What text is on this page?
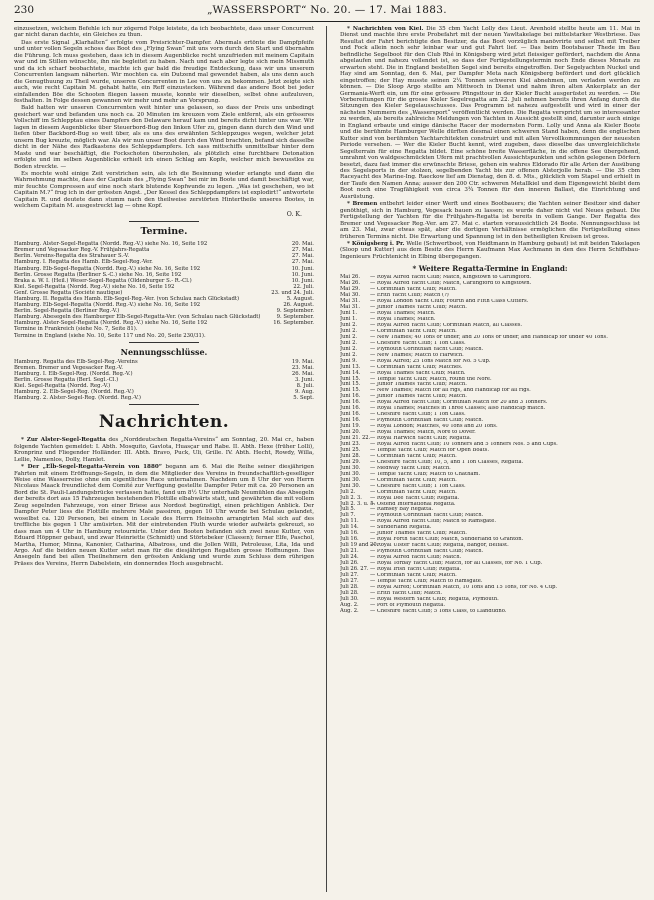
230	„WASSERSPORT“ No. 20. — 17. Mai 1883.

einzusetzen, welchem Befehle ich nur zögernd Folge leistete, da ich beobachtete, dass unser Concurrent gar nicht daran dachte, ein Gleiches zu thun.

Das erste Signal „Klarhalten“ erfolgte vom Preisrichter-Dampfer. Abermals ertönte die Dampfpfeife und unter vollen Segeln schoss das Boot des „Flying Swan“ mit uns vorn durch den Start und übernahm die Führung. Ich muss gestehen, dass ich in diesem Augenblicke recht unzufrieden mit meinem Capitain war und im Stillen wünschte, ihn nie begleitet zu haben. Nach und nach aber legte sich mein Missmuth und da ich scharf beobachtete, machte ich gar bald die freudige Entdeckung, dass wir uns unserem Concurrenten langsam näherten. Wir mochten ca. ein Dutzend mal gewendet haben, als uns denn auch die Genugthuung zu Theil wurde, unseren Concurrenten in Lee von uns zu bekommen. Jetzt zeigte sich auch, wie recht Capitain M. gehabt hatte, ein Reff einzustecken. Während das andere Boot bei jeder einfallenden Böe die Schooten fliegen lassen musste, konnte wir dieselben, selbst ohne aufzuluven, festhalten. In Folge dessen gewannen wir mehr und mehr an Vorsprung.

Bald hatten wir unseren Concurrenten weit hinter uns gelassen, so dass der Preis uns unbedingt gesichert war und befanden uns noch ca. 20 Minuten im kreuzen vom Ziele entfernt, als ein grösseres Vollschiff im Schlepptau eines Dampfers den Delaware herauf kam und bereits dicht hinter uns war. Wir lagen in diesem Augenblicke über Steuerbord-Bug den linken Ufer zu, gingen dann durch den Wind und liefen über Backbord-Bug so weit über, als es uns des erwähnten Schleppzuges wegen, welcher jetzt unsern Bug kreuzte, möglich war. Als wir nun unser Boot durch den Wind brachten, befand sich dasselbe dicht in der Nähe des Radkastens des Schleppdampfers. Ich sass mittschiffs unmittelbar hinter dem Maste und war beschäftigt, die Fockschoten überzuholen, als plötzlich eine furchtbare Detonation erfolgte und im selben Augenblicke erhielt ich einen Schlag am Kopfe, welcher mich bewusstlos zu Boden streckte. —

Es mochte wohl einige Zeit verstrichen sein, als ich die Besinnung wieder erlangte und dann die Wahrnehmung machte, dass der Capitain des „Flying Swan“ bei mir im Boote und damit beschäftigt war, mir feuchte Compressen auf eine noch stark blutende Kopfwunde zu legen. „Was ist geschehen, wo ist Capitain M.?“ frug ich in der grössten Angst. „Der Kessel des Schleppdampfers ist explodirt!“ antwortete Capitain R. und deutete dann stumm nach den theilweise zerstörten Hintertheile unseres Bootes, in welchem Capitain M. ausgestreckt lag — ohne Kopf.

O. K.
Termine.
Hamburg. Alster-Segel-Regatta (Nordd. Reg.-V.) siehe No. 16, Seite 192	20. Mai.
Bremer und Vegesacker Reg.-V. Frühjahrs-Regatta	27. Mai.
Berlin. Vereins-Regatta des Strahauer S.-V.	27. Mai.
Hamburg. I. Regatta des Hamb. Elb-Segel-Reg.-Ver.	27. Mai.
Hamburg. Elb-Segel-Regatta (Nordd. Reg.-V.) siehe No. 16, Seite 192	10. Juni.
Berlin. Grosse Regatta (Berliner S.-C.) siehe No. 16, Seite 192	10. Juni.
Braka a. W. I. (Heil.) Weser-Segel-Regatta (Oldenburger S.- R.-Cl.)	10. Juni.
Kiel. Segel-Regatta (Nordd. Reg.-V.) siehe No. 16, Seite 192	22. Juli.
Genf. Grosse Regatta (Société nautique)	23. und 24. Juli.
Hamburg. II. Regatta des Hamb. Elb-Segel-Reg.-Ver. (von Schulau nach Glückstadt)	5. August.
Hamburg. Elb-Segel-Regatta (Nordd. Reg.-V.) siehe No. 16, Seite 192	26. August.
Berlin. Segel-Regatta (Berliner Reg.-V.)	9. September.
Hamburg. Abesegeln des Hamburger Elb-Segel-Regatta-Ver. (von Schulau nach Glückstadt)	9. September.
Hamburg. Alster-Segel-Regatta (Nordd. Reg.-V.) siehe No. 16, Seite 192	16. September.
Termine in Frankreich (siehe No. 7, Seite 81).
Termine in England (siehe No. 10, Seite 117 und No. 20, Seite 230/31).
Nennungsschlüsse.
Hamburg. Regatta des Elb-Segel-Reg.-Vereins	19. Mai.
Bremen. Bremer und Vegesacker Reg.-V.	23. Mai.
Hamburg. I. Elb-Segel-Reg. (Nordd. Reg.-V.)	26. Mai.
Berlin. Grosse Regatta (Berl. Segl.-Cl.)	3. Juni.
Kiel. Segel-Regatta (Nordd. Reg.-V.)	8. Juli.
Hamburg. 2. Elb-Segel-Reg. (Nordd. Reg.-V.)	9. Aug.
Hamburg. 2. Alster-Segel-Reg. (Nordd. Reg.-V.)	5. Sept.
Nachrichten.

* Zur Alster-Segel-Regatta des „Norddeutschen Regatta-Vereins“ am Sonntag, 20. Mai cr., haben folgende Yachten gemeldet: I. Abth. Mosquito, Gavlota, Huasçar und Rabe. II. Abth. Hexe (früher Lolli), Kronprinz und Fliegender Holländer. III. Abth. Bravo, Puck, Uli, Grille. IV. Abth. Hecht, Rowdy, Willa, Lellie, Namenlos, Dolly, Hamlet.

* Der „Elb-Segel-Regatta-Verein von 1880“ begann am 6. Mai die Reihe seiner diesjährigen Fahrten mit einem Eröffnungs-Segeln, in dem die Mitglieder des Vereins in freundschaftlich-geselliger Weise eine Wasserreise ohne ein eigentliches Race unternahmen. Nachdem um 8 Uhr der von Herrn Nicolaus Maack freundlichst dem Comité zur Verfügung gestellte Dampfer Peter mit ca. 20 Personen an Bord die St. Pauli-Landungsbrücke verlassen hatte, fand um 8½ Uhr unterhalb Neumühlen das Absegeln der bereits dort aus 15 Fahrzeugen bestehenden Flottille elbabwärts statt, und gewährten die mit vollem Zeug segelnden Fahrzeuge, von einer Briese aus Nordost begünstigt, einen prächtigen Anblick. Der Dampfer Peter liess die Flottille mehrere Male passiren, gegen 10 Uhr wurde bei Schulau gelandet, woselbst ca. 120 Personen, bei einem in Locale des Herrn Heinsohn arrangirten Mal sich auf des treffliche bis gegen 1 Uhr amüsirten. Mit der eintretenden Fluth wurde wieder aufwärts gekreuzt, so dass man um 4 Uhr in Hamburg retournirte. Unter den Booten befanden sich zwei neue Kutter, von Eduard Höppner gebaut, und zwar Heinriette (Schmidt) und Störtebeker (Classen); ferner Elfe, Paschol, Martha, Humor, Minna, Kanonier, Catharina, Albatross, und die Jollen Willi, Petroleuse, Lita, Ida und Argo. Auf die beiden neuen Kutter setzt man für die diesjährigen Regatten grosse Hoffnungen. Das Ansegeln fand bei allen Theilnehmern den grössten Anklang und wurde zum Schluss dem rührigen Präses des Vereins, Herrn Dabelstein, ein donnerndes Hoch ausgebracht.

* Nachrichten von Kiel. Die 35 cbm Yacht Lolly des Lieut. Arenhold stellte heute am 11. Mai in Dienst und machte ihre erste Probefahrt mit der neuen Yawltakelage bei mittelstarker Westbriese. Das Resultat der Fahrt berichtigte den Besitzer, da das Boot vorzüglich manövrirte und selbst mit Treiber und Fock allein noch sehr leinbar war und gut Fahrt lief. — Das beim Bootsbauer Thede im Bau befindliche Segelboot für den Club Rhé in Königsberg wird jetzt fleissiger gefördert, nachdem die Anna abgelaufen und nahezu vollendet ist, so dass der Fertigstellungstermin noch Ende dieses Monats zu erwarten steht. Die in England bestellten Segel sind bereits eingetroffen. Der Segelyachten Nuckel und Hay sind am Sonntag, den 6. Mai, per Dampfer Meta nach Königsberg befördert und dort glücklich eingetroffen; der Hay musste seinen 2¼ Tonnen schweren Kiel abnehmen, um verladen werden zu können. — Die Sloop Argo stellte am Mittwoch in Dienst und nahm ihren alten Ankerplatz an der Germania-Werft ein, um für eine grössere Pfingsttour in der Kieler Bucht ausgerüstet zu werden. — Die Vorbereitungen für die grosse Kieler Segelregatta am 22. Juli nehmen bereits ihren Anfang durch die Sitzungen des Kieler Segelausschusses. Das Programm ist nahezu aufgestellt und wird in einer der nächsten Nummern des „Wassersport“ veröffentlicht werden. Die Regatta verspricht um so interessanter zu werden, als bereits zahlreiche Meldungen von Yachten in Aussicht gestellt sind, darunter auch einige in England erbaute und einige dänische Racer der modernsten Form. Lolly und Anna als Kieler Boote und die berühmte Hamburger Welle dürften diesmal einen schweren Stand haben, denn die englischen Kutter sind von berühmten Yachtarchitekten construirt und mit allen Vervollkommnungen der neuesten Periode versehen. — Wer die Kieler Bucht kennt, wird zugeben, dass dieselbe das unvergleichlichste Segelterrain für eine Regatta bildet. Eine schöne breite Wasserfläche, in die offene See übergehend, umrahmt von waldgeschmückten Ufern mit prachtvollen Aussichtspunkten und schön gelegenen Dörfern besetzt, dazu fast immer die erwünschte Briese, gehen ein wahres Eldorado für alle Arten der Ausübung des Segelsports in der stolzen, segelbenden Yacht bis zur offenen Alsterjolle herab. — Die 35 cbm Raceyacht des Marine-Ing. Raeckow lief am Dienstag, den 8. d. Mts., glücklich vom Stapel und erhielt in der Taufe den Namen Anna; ausser den 200 Ctr. schweren Metallkiel und dem Eigengewicht bleibt dem Boot noch eine Tragfähigkeit von circa 3¾ Tonnen für den inneren Ballast, die Einrichtung und Ausrüstung.

* Bremen entbehrt leider einer Werft und eines Bootbauers; die Yachten seiner Besitzer sind daher genöthigt, sich in Hamburg, Vegesack bauen zu lassen; es wurde daher nicht viel Neues gebaut. Die Fertigstellung der Yachten für die Frühjahrs-Regatta ist bereits in vollem Gange. Der Regatta des Bremer und Vegesacker Reg.-Ver. am 27. Mai c. starten voraussichtlich 24 Boote. Nennungsschluss ist am 23. Mai, zwar etwas spät, aber die dortigen Verhältnisse ermöglichen die Fertigstellung eines früheren Termins nicht. Die Erwartung und Spannung ist in den betheiligten Kreisen ist gross.

* Königsberg i. Pr. Welle (Schwertboot, von Heidtmann in Hamburg gebaut) ist mit beiden Takelagen (Sloop und Kutter) aus dem Besitz des Herrn Kaufmann Max Aschmann in den des Herrn Schiffsbau-Ingenieurs Früchtenicht in Elbing übergegangen.

* Weitere Regatta-Termine in England:
Mai 26.	— Royal Alfred Yacht Club; Match, Kingstown to Carlingford.
Mai 26.	— Royal Alfred Yacht Club; Match, Carlingford to Kingstown.
Mai 29.	— Corinthian Yacht Club; Match.
Mai 30.	— Erith Yacht Club; Match (?)
Mai 31.	— Royal London Yacht Club; Fourth and Fifth Class Cutters.
Mai 31.	— Junior Thames Yacht Club; Match.
Juni 1.	— Royal Thames; Match.
Juni 1.	— Royal Thames; Match.
Juni 2.	— Royal Alfred Yacht Club; Corinthian Match, all Classes.
Juni 2.	— Corinthian Yacht Club; Match.
Juni 2.	— New Thames; 40 Tons or under, and 20 Tons or under, and Handicap for under 40 Tons.
Juni 2.	— Cheshire Yacht Club; 1 Ton Class.
Juni 2.	— Plymouth Corinthian Yacht Club; Match.
Juni 2.	— New Thames; Match to Harwich.
Juni 9.	— Royal Alfred; 25 Tons Match for No. 5 Cup.
Juni 13.	— Corinthian Yacht Club; Matches.
Juni 14.	— Royal Thames Yacht Club; Match.
Juni 15.	— Temple Yacht Club; Match, round the Nore.
Juni 15.	— Junior Thames Yacht Club; Match.
Juni 15.	— New Thames; Match for all rigs, and Handicap for all rigs.
Juni 16.	— Junior Thames Yacht Club; Match.
Juni 16.	— Royal Alfred Yacht Club; Corinthian Match for 20 and 3 Tonners.
Juni 16.	— Royal Thames; Matches in Three Classes; also Handicap match.
Juni 16.	— Cheshire Yacht Club; 1 Ton Class.
Juni 16.	— Plymouth Corinthian Yacht Club; Match.
Juni 19.	— Royal London; Matches, 40 Tons and 20 Tons.
Juni 20.	— Royal Thames; Match, Nore to Dover.
Juni 21. 22. — Royal Harwich Yacht Club; Regatta.
Juni 23.	— Royal Alfred Yacht Club; 10 Tonners and 5 Tonners Nos. 5 and Cups.
Juni 25.	— Temple Yacht Club; Match for Open Boats.
Juni 28.	— Corinthian Yacht Club; Match.
Juni 29.	— Cheshire Yacht Club; 10, 5, and 1 Ton Classes, Regatta.
Juni 30.	— Medway Yacht Club; Match.
Juni 30.	— Temple Yacht Club; Match to Chatham.
Juni 30.	— Corinthian Yacht Club; Match.
Juni 30.	— Cheshire Yacht Club; 1 Ton Class.
Juli 2.	— Corinthian Yacht Club; Match.
Juli 2. 3.	— Royal Dee Yacht Club; Regatta.
Juli 2. 3. u. 5.
— Ostend International Regatta.
Juli 5.	— Ramsey Bay Regatta.
Juli 7.	— Plymouth Corinthian Yacht Club; Match.
Juli 11.	— Royal Alfred Yacht Club; Match to Ramsgate.
Juli 14.	— Sunderland Regatta.
Juli 16.	— Junior Thames Yacht Club; Match.
Juli 16.	— Royal Forth Yacht Club; Match, Sunderland to Granton.
Juli 19 and 20.
— Royal Ulster Yacht Club; Regatta, Bangor, Belfast.
Juli 21.	— Plymouth Corinthian Yacht Club; Match.
Juli 24.	— Royal Alfred Yacht Club; Match.
Juli 26.	— Royal Torbay Yacht Club; Match, for all Classes, for No. 1 Cup.
Juli 26. 27. — Royal Irish Yacht Club; Regatta.
Juli 27.	— Corinthian Yacht Club; Match.
Juli 27.	— Temple Yacht Club; Match to Ramsgate.
Juli 28.	— Royal Alfred; Corinthian Match, 10 Tons and 15 Tons, for No. 4 Cup.
Juli 28.	— Erith Yacht Club; Match.
Juli 30.	— Royal Western Yacht Club; Regatta, Plymouth.
Aug. 2.	— Port of Plymouth Regatta.
Aug. 2.	— Cheshire Yacht Club; 5 Tons Class, to Llandudno.
